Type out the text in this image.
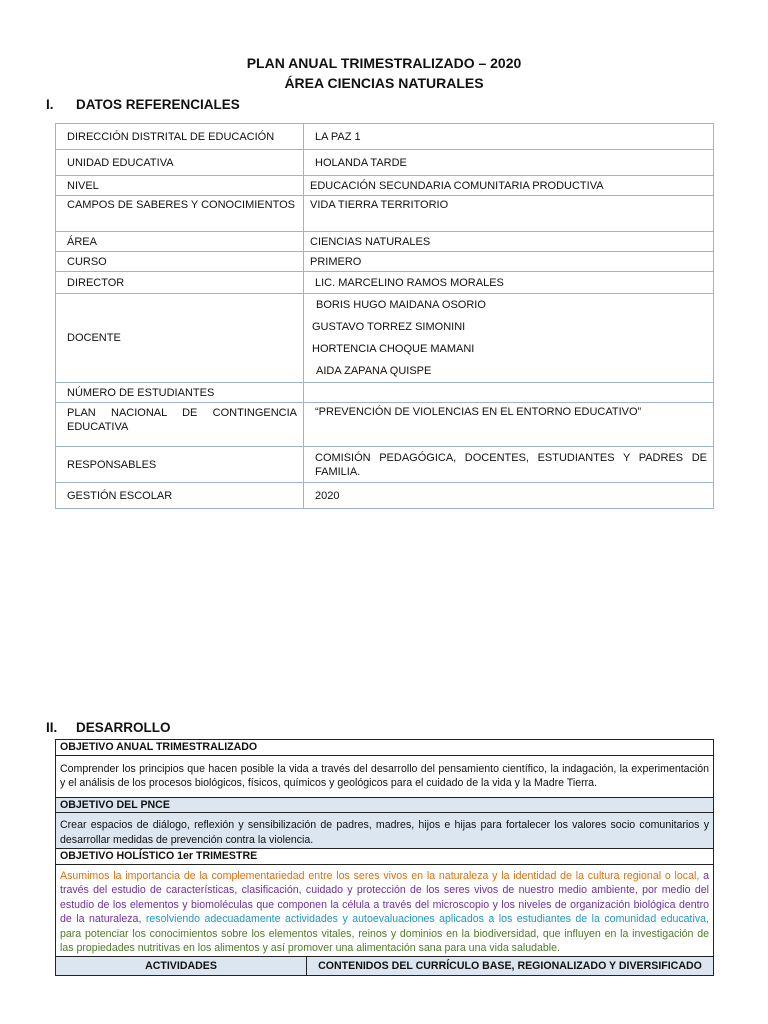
PLAN ANUAL TRIMESTRALIZADO – 2020
ÁREA CIENCIAS NATURALES
I. DATOS REFERENCIALES
DIRECCIÓN DISTRITAL DE EDUCACIÓN	LA PAZ 1
UNIDAD EDUCATIVA	HOLANDA TARDE
NIVEL	EDUCACIÓN SECUNDARIA COMUNITARIA PRODUCTIVA
CAMPOS DE SABERES Y CONOCIMIENTOS	VIDA TIERRA TERRITORIO
ÁREA	CIENCIAS NATURALES
CURSO	PRIMERO
DIRECTOR	LIC. MARCELINO RAMOS MORALES
DOCENTE	BORIS HUGO MAIDANA OSORIO
GUSTAVO TORREZ SIMONINI
HORTENCIA CHOQUE MAMANI
AIDA ZAPANA QUISPE

NÚMERO DE ESTUDIANTES	
PLAN NACIONAL DE CONTINGENCIA EDUCATIVA	“PREVENCIÓN DE VIOLENCIAS EN EL ENTORNO EDUCATIVO”
RESPONSABLES	COMISIÓN PEDAGÓGICA, DOCENTES, ESTUDIANTES Y PADRES DE FAMILIA.
GESTIÓN ESCOLAR	2020
II. DESARROLLO
OBJETIVO ANUAL TRIMESTRALIZADO
Comprender los principios que hacen posible la vida a través del desarrollo del pensamiento científico, la indagación, la experimentación y el análisis de los procesos biológicos, físicos, químicos y geológicos para el cuidado de la vida y la Madre Tierra.
OBJETIVO DEL PNCE
Crear espacios de diálogo, reflexión y sensibilización de padres, madres, hijos e hijas para fortalecer los valores socio comunitarios y desarrollar medidas de prevención contra la violencia.
OBJETIVO HOLÍSTICO 1er TRIMESTRE
Asumimos la importancia de la complementariedad entre los seres vivos en la naturaleza y la identidad de la cultura regional o local, a través del estudio de características, clasificación, cuidado y protección de los seres vivos de nuestro medio ambiente, por medio del estudio de los elementos y biomoléculas que componen la célula a través del microscopio y los niveles de organización biológica dentro de la naturaleza, resolviendo adecuadamente actividades y autoevaluaciones aplicados a los estudiantes de la comunidad educativa, para potenciar los conocimientos sobre los elementos vitales, reinos y dominios en la biodiversidad, que influyen en la investigación de las propiedades nutritivas en los alimentos y así promover una alimentación sana para una vida saludable.
ACTIVIDADES	CONTENIDOS DEL CURRÍCULO BASE, REGIONALIZADO Y DIVERSIFICADO
